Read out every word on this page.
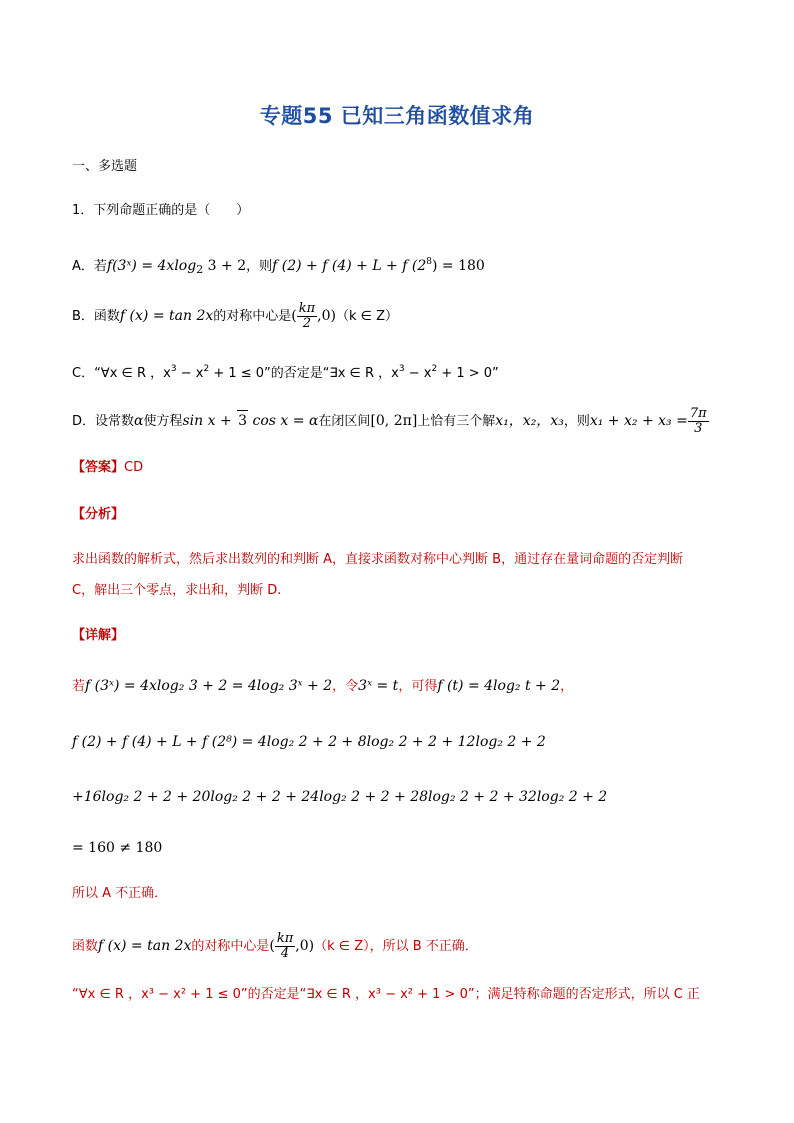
专题55 已知三角函数值求角
一、多选题
1．下列命题正确的是（　　）
A．若f(3ˣ) = 4xlog$_2$ 3 + 2，则f (2) + f (4) + L + f $(2^8) = 180$
B．函数f (x) = tan 2x的对称中心是( $\frac{k\pi}{2} ,0)(k$ ∈ Z）
C．“∀x ∈ R ，$x^3 - x^2 + 1 \le 0$”的否定是“∃x ∈ R ，$x^3 - x^2 + 1 > 0$”
D．设常数α使方程sin x + 3 cos x = α在闭区间[0, 2π]上恰有三个解x₁，x₂，x₃，则$x_1 + x_2 + x_3 = \frac{7\pi}{3}$
【答案】CD
【分析】
求出函数的解析式，然后求出数列的和判断 A，直接求函数对称中心判断 B，通过存在量词命题的否定判断
C，解出三个零点，求出和，判断 D.
【详解】
若f (3ˣ) = 4xlog₂ 3 + 2 = 4log₂ 3ˣ + 2，令3ˣ = t，可得f (t) = 4log₂ t + 2，
f (2) + f (4) + L + f (2⁸) = 4log₂ 2 + 2 + 8log₂ 2 + 2 + 12log₂ 2 + 2
+16log₂ 2 + 2 + 20log₂ 2 + 2 + 24log₂ 2 + 2 + 28log₂ 2 + 2 + 32log₂ 2 + 2
= 160 ≠ 180
所以 A 不正确．
函数f (x) = tan 2x的对称中心是( $\frac{k\pi}{4} ,0)(k$ ∈ Z），所以 B 不正确．
“∀x ∈ R ，x³ − x² + 1 ≤ 0”的否定是“∃x ∈ R ，x³ − x² + 1 > 0”；满足特称命题的否定形式，所以 C 正
